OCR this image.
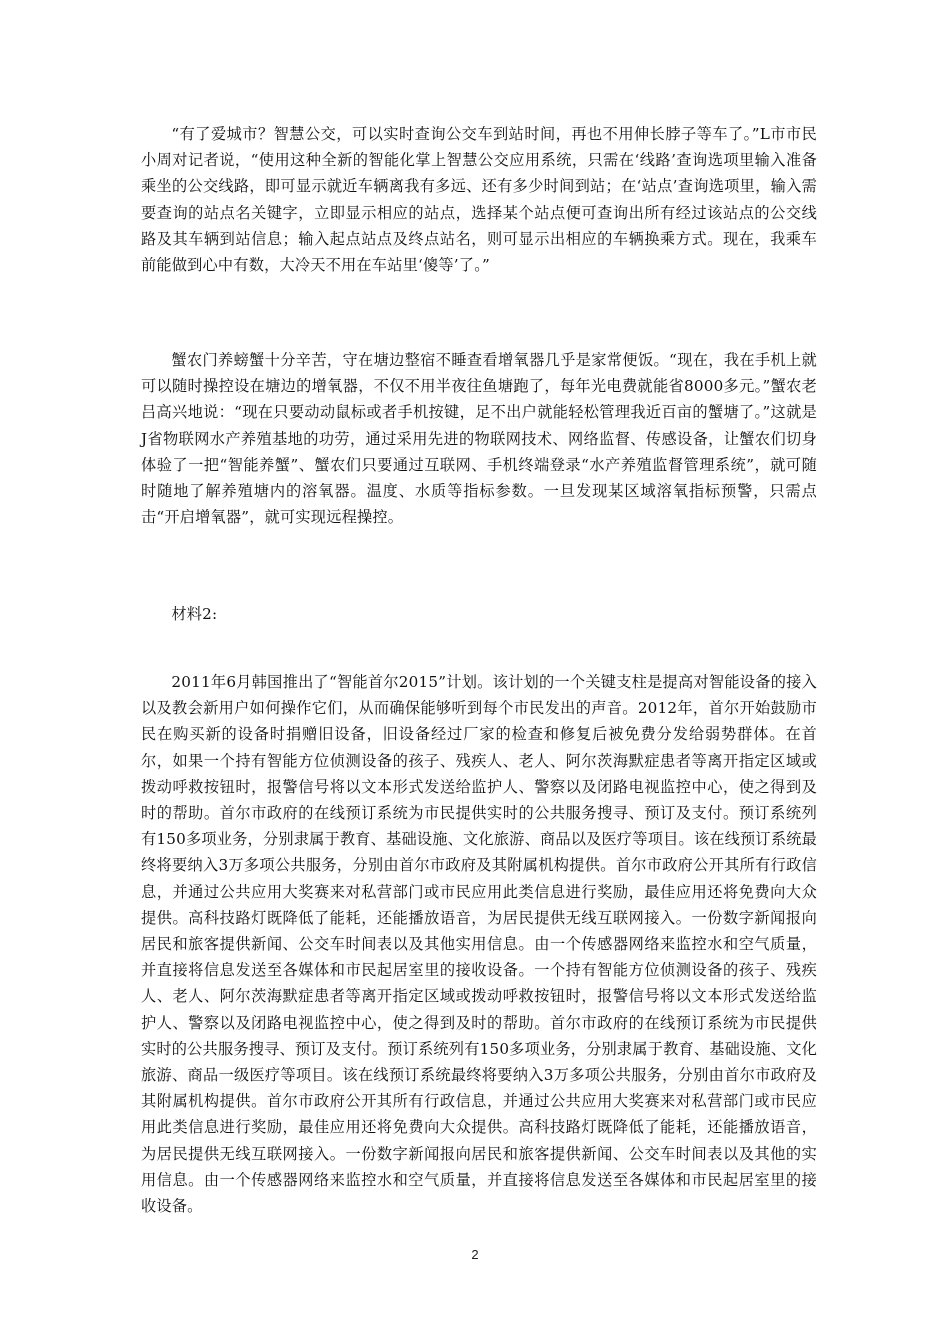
“有了爱城市？智慧公交，可以实时查询公交车到站时间，再也不用伸长脖子等车了。”L市市民小周对记者说，“使用这种全新的智能化掌上智慧公交应用系统，只需在‘线路’查询选项里输入准备乘坐的公交线路，即可显示就近车辆离我有多远、还有多少时间到站；在‘站点’查询选项里，输入需要查询的站点名关键字，立即显示相应的站点，选择某个站点便可查询出所有经过该站点的公交线路及其车辆到站信息；输入起点站点及终点站名，则可显示出相应的车辆换乘方式。现在，我乘车前能做到心中有数，大冷天不用在车站里‘傻等’了。”

蟹农门养螃蟹十分辛苦，守在塘边整宿不睡查看增氧器几乎是家常便饭。“现在，我在手机上就可以随时操控设在塘边的增氧器，不仅不用半夜往鱼塘跑了，每年光电费就能省8000多元。”蟹农老吕高兴地说：“现在只要动动鼠标或者手机按键，足不出户就能轻松管理我近百亩的蟹塘了。”这就是J省物联网水产养殖基地的功劳，通过采用先进的物联网技术、网络监督、传感设备，让蟹农们切身体验了一把“智能养蟹”、蟹农们只要通过互联网、手机终端登录“水产养殖监督管理系统”，就可随时随地了解养殖塘内的溶氧器。温度、水质等指标参数。一旦发现某区域溶氧指标预警，只需点击“开启增氧器”，就可实现远程操控。

材料2:

2011年6月韩国推出了“智能首尔2015”计划。该计划的一个关键支柱是提高对智能设备的接入以及教会新用户如何操作它们，从而确保能够听到每个市民发出的声音。2012年，首尔开始鼓励市民在购买新的设备时捐赠旧设备，旧设备经过厂家的检查和修复后被免费分发给弱势群体。在首尔，如果一个持有智能方位侦测设备的孩子、残疾人、老人、阿尔茨海默症患者等离开指定区域或拨动呼救按钮时，报警信号将以文本形式发送给监护人、警察以及闭路电视监控中心，使之得到及时的帮助。首尔市政府的在线预订系统为市民提供实时的公共服务搜寻、预订及支付。预订系统列有150多项业务，分别隶属于教育、基础设施、文化旅游、商品以及医疗等项目。该在线预订系统最终将要纳入3万多项公共服务，分别由首尔市政府及其附属机构提供。首尔市政府公开其所有行政信息，并通过公共应用大奖赛来对私营部门或市民应用此类信息进行奖励，最佳应用还将免费向大众提供。高科技路灯既降低了能耗，还能播放语音，为居民提供无线互联网接入。一份数字新闻报向居民和旅客提供新闻、公交车时间表以及其他实用信息。由一个传感器网络来监控水和空气质量，并直接将信息发送至各媒体和市民起居室里的接收设备。一个持有智能方位侦测设备的孩子、残疾人、老人、阿尔茨海默症患者等离开指定区域或拨动呼救按钮时，报警信号将以文本形式发送给监护人、警察以及闭路电视监控中心，使之得到及时的帮助。首尔市政府的在线预订系统为市民提供实时的公共服务搜寻、预订及支付。预订系统列有150多项业务，分别隶属于教育、基础设施、文化旅游、商品一级医疗等项目。该在线预订系统最终将要纳入3万多项公共服务，分别由首尔市政府及其附属机构提供。首尔市政府公开其所有行政信息，并通过公共应用大奖赛来对私营部门或市民应用此类信息进行奖励，最佳应用还将免费向大众提供。高科技路灯既降低了能耗，还能播放语音，为居民提供无线互联网接入。一份数字新闻报向居民和旅客提供新闻、公交车时间表以及其他的实用信息。由一个传感器网络来监控水和空气质量，并直接将信息发送至各媒体和市民起居室里的接收设备。

2
